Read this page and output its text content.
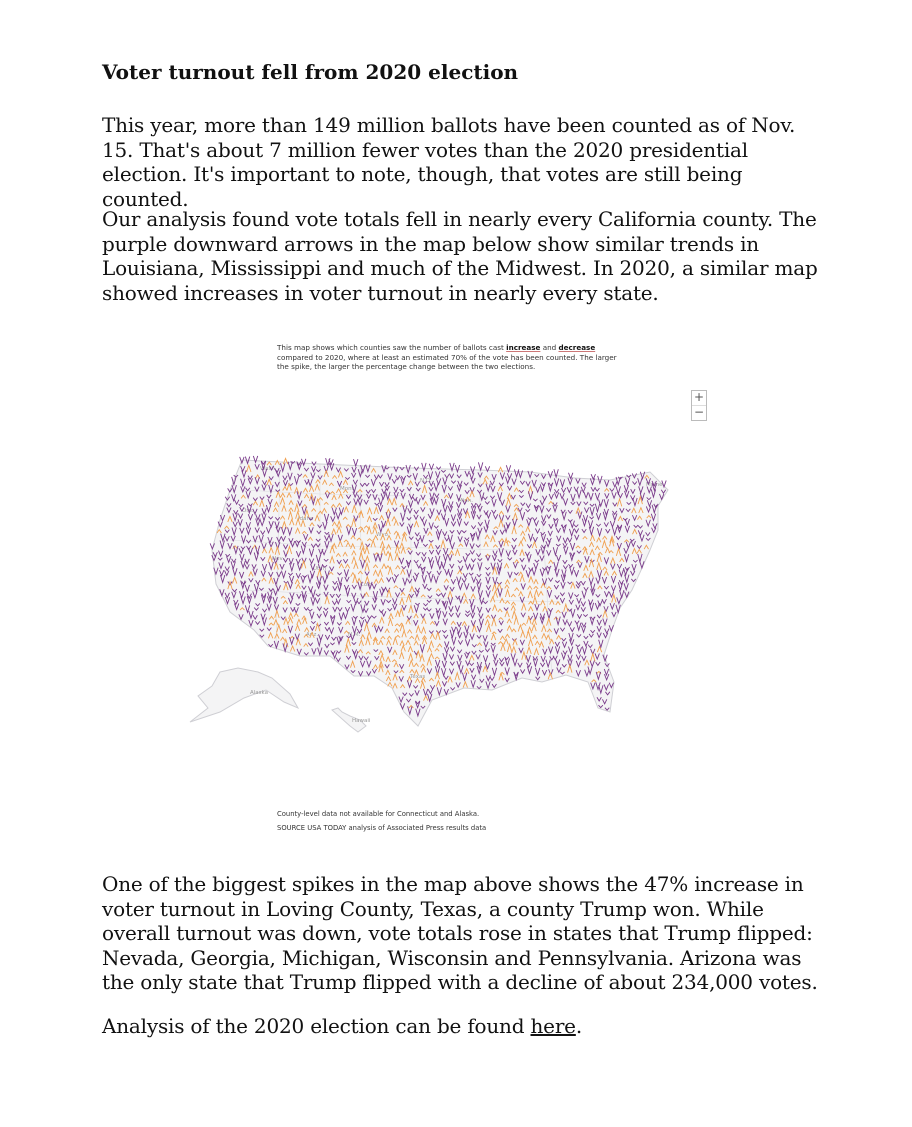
Voter turnout fell from 2020 election

This year, more than 149 million ballots have been counted as of Nov. 15. That's about 7 million fewer votes than the 2020 presidential election. It's important to note, though, that votes are still being counted.

Our analysis found vote totals fell in nearly every California county. The purple downward arrows in the map below show similar trends in Louisiana, Mississippi and much of the Midwest. In 2020, a similar map showed increases in voter turnout in nearly every state.

One of the biggest spikes in the map above shows the 47% increase in voter turnout in Loving County, Texas, a county Trump won. While overall turnout was down, vote totals rose in states that Trump flipped: Nevada, Georgia, Michigan, Wisconsin and Pennsylvania. Arizona was the only state that Trump flipped with a decline of about 234,000 votes.

Analysis of the 2020 election can be found here.

This map shows which counties saw the number of ballots cast increase and decrease compared to 2020, where at least an estimated 70% of the vote has been counted. The larger the spike, the larger the percentage change between the two elections.

+
−
Wash.
Idaho
Mont.
N.D.
Minn.
Maine
Nev.
Utah
Colo.
Ariz.	N.M.
Texas
Alaska
Hawaii
Wyo.
Ore.

County-level data not available for Connecticut and Alaska.

SOURCE USA TODAY analysis of Associated Press results data
